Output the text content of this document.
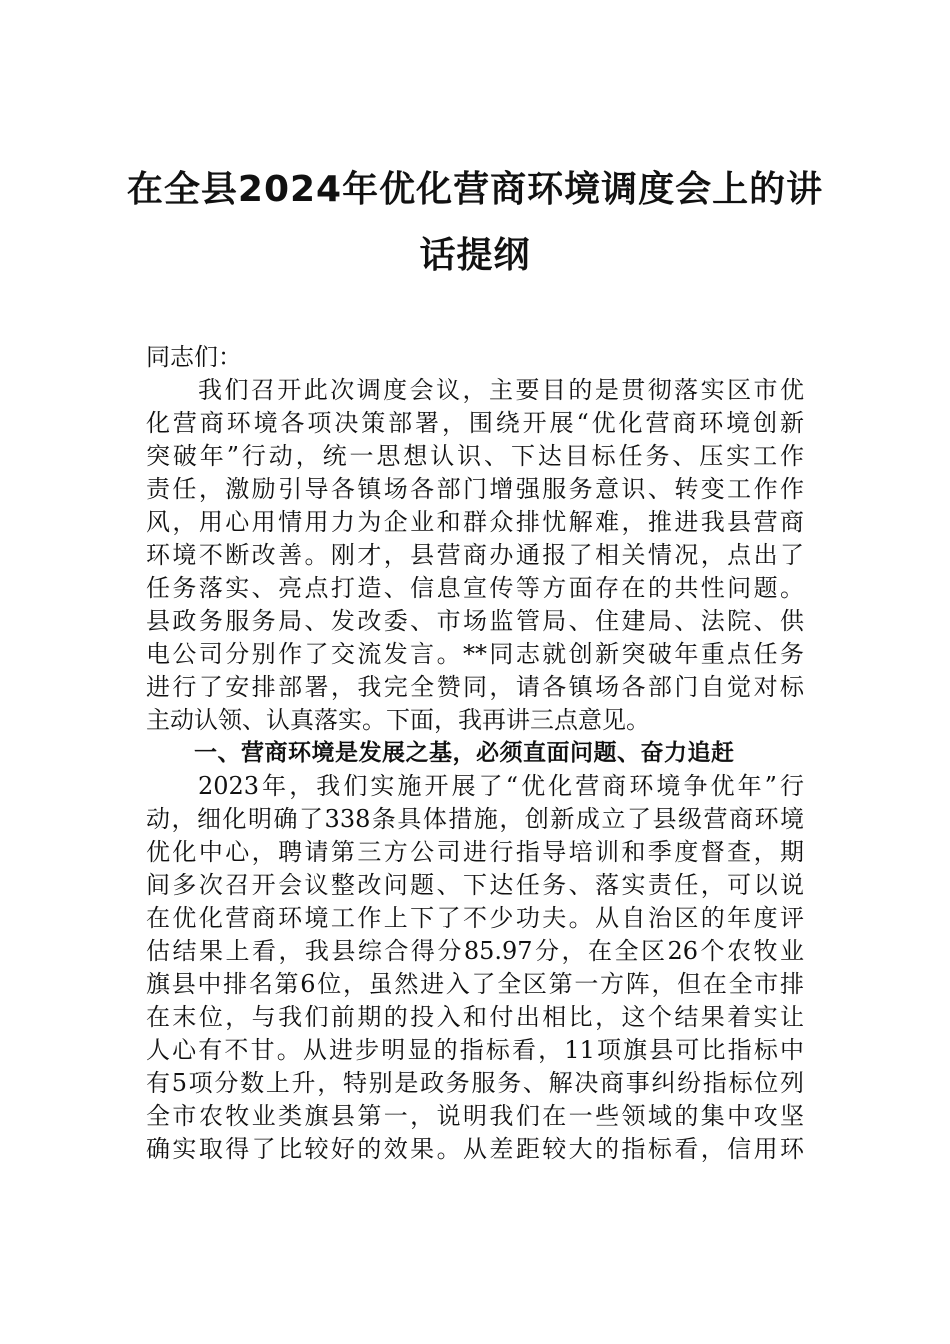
在全县2024年优化营商环境调度会上的讲
话提纲
同志们：
我们召开此次调度会议，主要目的是贯彻落实区市优
化营商环境各项决策部署，围绕开展“优化营商环境创新
突破年”行动，统一思想认识、下达目标任务、压实工作
责任，激励引导各镇场各部门增强服务意识、转变工作作
风，用心用情用力为企业和群众排忧解难，推进我县营商
环境不断改善。刚才，县营商办通报了相关情况，点出了
任务落实、亮点打造、信息宣传等方面存在的共性问题。
县政务服务局、发改委、市场监管局、住建局、法院、供
电公司分别作了交流发言。**同志就创新突破年重点任务
进行了安排部署，我完全赞同，请各镇场各部门自觉对标
主动认领、认真落实。下面，我再讲三点意见。
一、营商环境是发展之基，必须直面问题、奋力追赶
2023年，我们实施开展了“优化营商环境争优年”行
动，细化明确了338条具体措施，创新成立了县级营商环境
优化中心，聘请第三方公司进行指导培训和季度督查，期
间多次召开会议整改问题、下达任务、落实责任，可以说
在优化营商环境工作上下了不少功夫。从自治区的年度评
估结果上看，我县综合得分85.97分，在全区26个农牧业
旗县中排名第6位，虽然进入了全区第一方阵，但在全市排
在末位，与我们前期的投入和付出相比，这个结果着实让
人心有不甘。从进步明显的指标看，11项旗县可比指标中
有5项分数上升，特别是政务服务、解决商事纠纷指标位列
全市农牧业类旗县第一，说明我们在一些领域的集中攻坚
确实取得了比较好的效果。从差距较大的指标看，信用环
